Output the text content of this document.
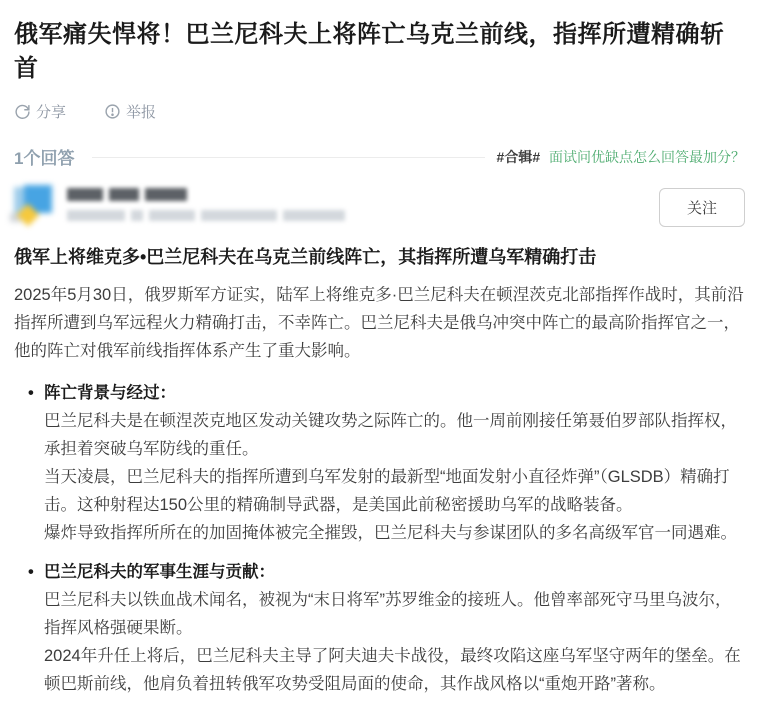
俄军痛失悍将！巴兰尼科夫上将阵亡乌克兰前线，指挥所遭精确斩首
分享	举报
1个回答	#合辑# 面试问优缺点怎么回答最加分？
关注
俄军上将维克多•巴兰尼科夫在乌克兰前线阵亡，其指挥所遭乌军精确打击

2025年5月30日，俄罗斯军方证实，陆军上将维克多·巴兰尼科夫在顿涅茨克北部指挥作战时，其前沿指挥所遭到乌军远程火力精确打击，不幸阵亡。巴兰尼科夫是俄乌冲突中阵亡的最高阶指挥官之一，他的阵亡对俄军前线指挥体系产生了重大影响。

• 阵亡背景与经过：

巴兰尼科夫是在顿涅茨克地区发动关键攻势之际阵亡的。他一周前刚接任第聂伯罗部队指挥权，承担着突破乌军防线的重任。

当天凌晨，巴兰尼科夫的指挥所遭到乌军发射的最新型“地面发射小直径炸弹”（GLSDB）精确打击。这种射程达150公里的精确制导武器，是美国此前秘密援助乌军的战略装备。

爆炸导致指挥所所在的加固掩体被完全摧毁，巴兰尼科夫与参谋团队的多名高级军官一同遇难。

• 巴兰尼科夫的军事生涯与贡献：

巴兰尼科夫以铁血战术闻名，被视为“末日将军”苏罗维金的接班人。他曾率部死守马里乌波尔，指挥风格强硬果断。

2024年升任上将后，巴兰尼科夫主导了阿夫迪夫卡战役，最终攻陷这座乌军坚守两年的堡垒。在顿巴斯前线，他肩负着扭转俄军攻势受阻局面的使命，其作战风格以“重炮开路”著称。
